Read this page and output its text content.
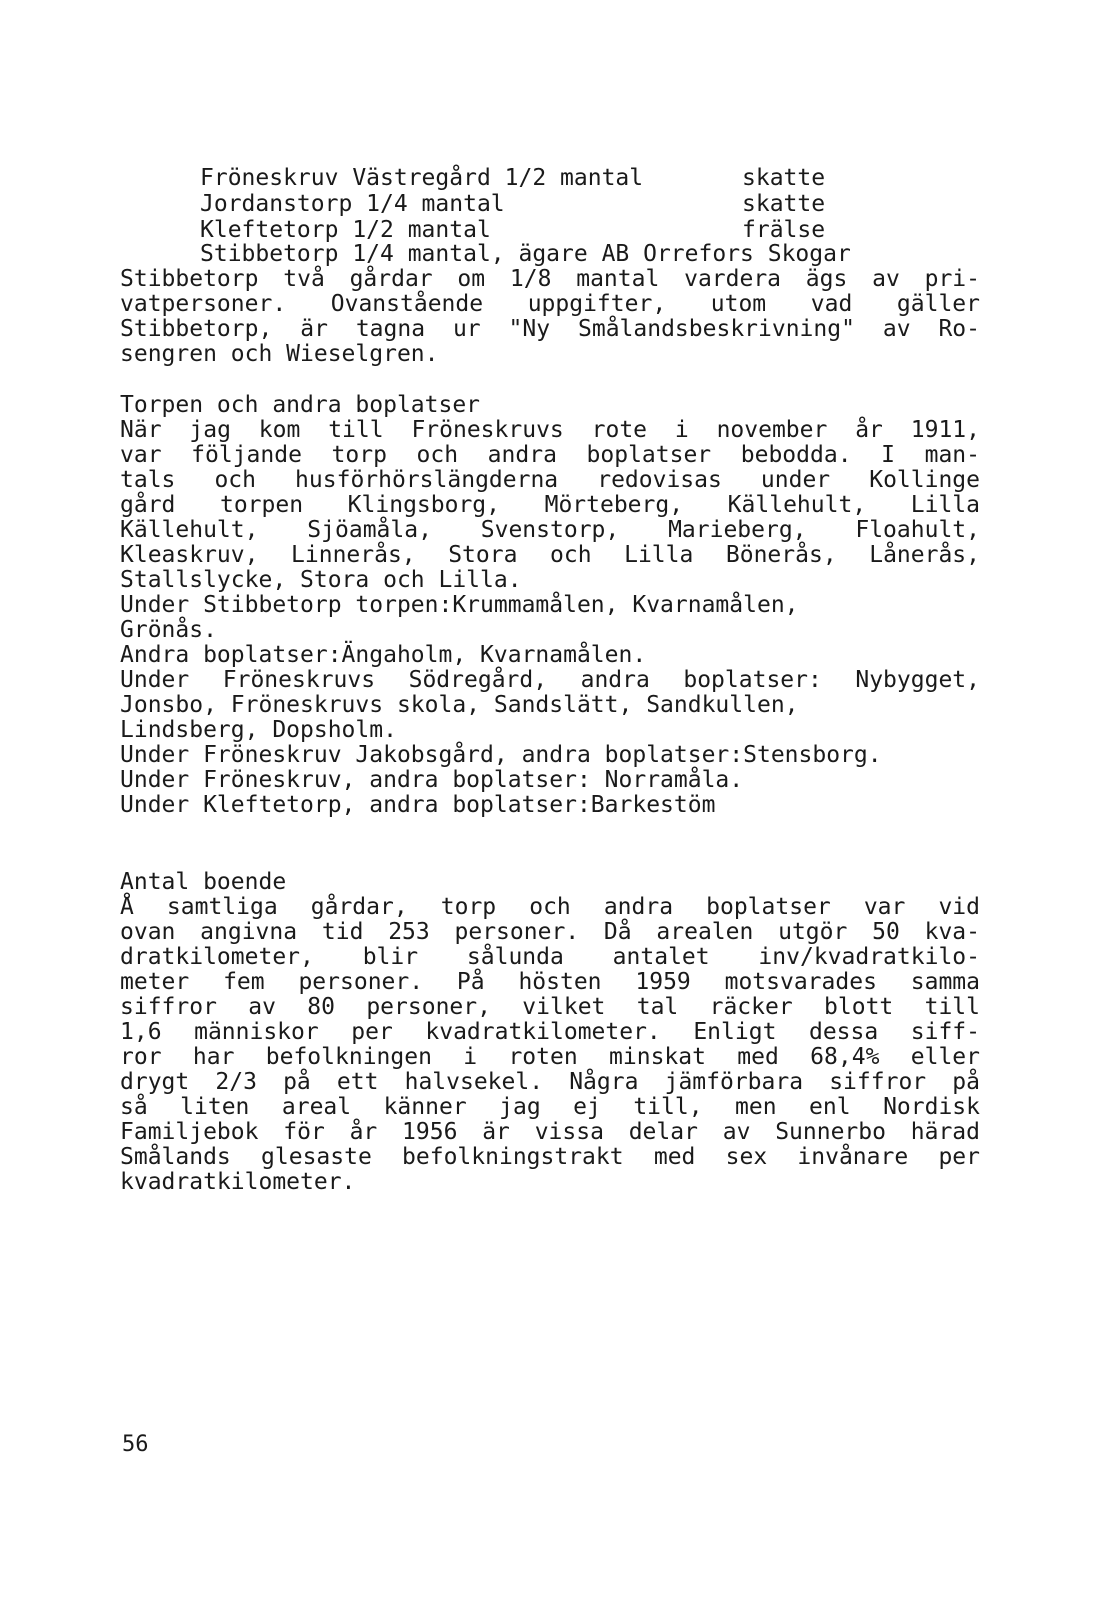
Fröneskruv Västregård 1/2 mantal	skatte
Jordanstorp 1/4 mantal	skatte
Kleftetorp 1/2 mantal	frälse
Stibbetorp 1/4 mantal, ägare AB Orrefors Skogar
Stibbetorp två gårdar om 1/8 mantal vardera ägs av pri-
vatpersoner. Ovanstående uppgifter, utom vad gäller
Stibbetorp, är tagna ur "Ny Smålandsbeskrivning" av Ro-
sengren och Wieselgren.
Torpen och andra boplatser
När jag kom till Fröneskruvs rote i november år 1911,
var följande torp och andra boplatser bebodda. I man-
tals och husförhörslängderna redovisas under Kollinge
gård torpen Klingsborg, Mörteberg, Källehult, Lilla
Källehult, Sjöamåla, Svenstorp, Marieberg, Floahult,
Kleaskruv, Linnerås, Stora och Lilla Bönerås, Lånerås,
Stallslycke, Stora och Lilla.
Under Stibbetorp torpen:Krummamålen, Kvarnamålen,
Grönås.
Andra boplatser:Ängaholm, Kvarnamålen.
Under Fröneskruvs Södregård, andra boplatser: Nybygget,
Jonsbo, Fröneskruvs skola, Sandslätt, Sandkullen,
Lindsberg, Dopsholm.
Under Fröneskruv Jakobsgård, andra boplatser:Stensborg.
Under Fröneskruv, andra boplatser: Norramåla.
Under Kleftetorp, andra boplatser:Barkestöm
Antal boende
Å samtliga gårdar, torp och andra boplatser var vid
ovan angivna tid 253 personer. Då arealen utgör 50 kva-
dratkilometer, blir sålunda antalet inv/kvadratkilo-
meter fem personer. På hösten 1959 motsvarades samma
siffror av 80 personer, vilket tal räcker blott till
1,6 människor per kvadratkilometer. Enligt dessa siff-
ror har befolkningen i roten minskat med 68,4% eller
drygt 2/3 på ett halvsekel. Några jämförbara siffror på
så liten areal känner jag ej till, men enl Nordisk
Familjebok för år 1956 är vissa delar av Sunnerbo härad
Smålands glesaste befolkningstrakt med sex invånare per
kvadratkilometer.
56
